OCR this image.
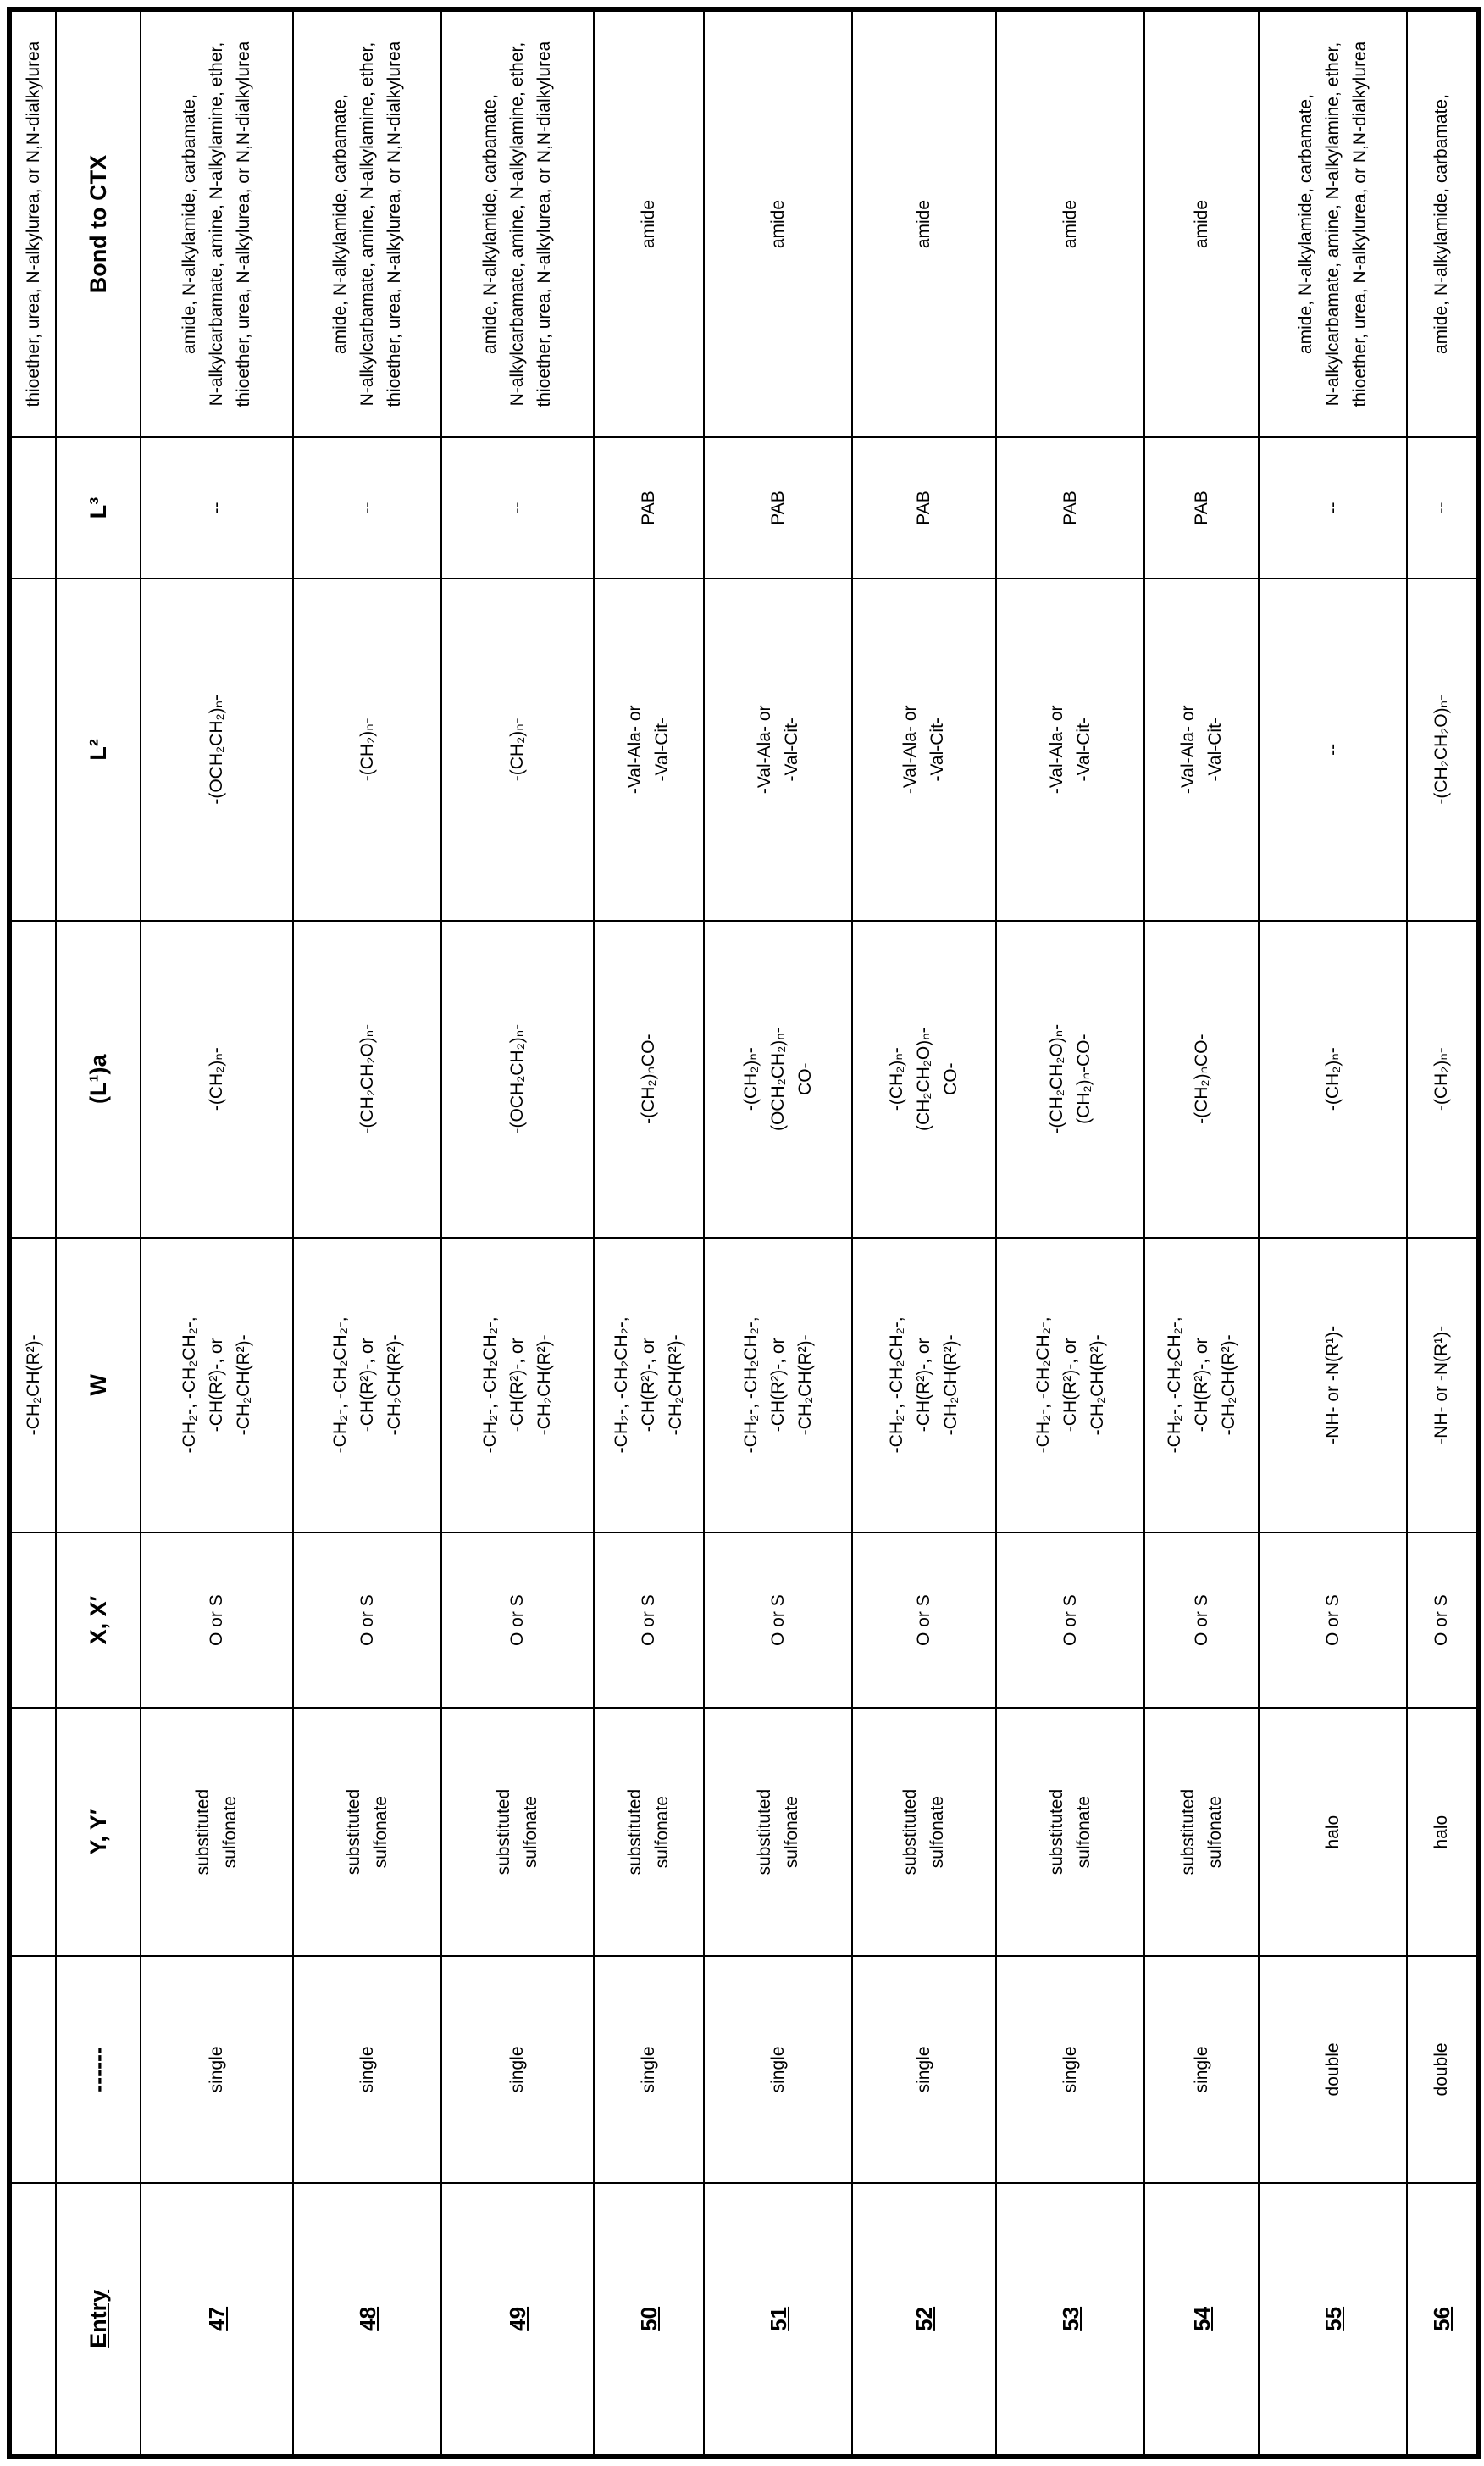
				-CH₂CH(R²)-				thioether, urea, N-alkylurea, or N,N-dialkylurea
Entry	------	Y, Y′	X, X′	W	(L¹)a	L²	L³	Bond to CTX
47	single	substituted
sulfonate	O or S	-CH₂-, -CH₂CH₂-,
-CH(R²)-, or
-CH₂CH(R²)-	-(CH₂)ₙ-	-(OCH₂CH₂)ₙ-	--	amide, N-alkylamide, carbamate,
N-alkylcarbamate, amine, N-alkylamine, ether,
thioether, urea, N-alkylurea, or N,N-dialkylurea
48	single	substituted
sulfonate	O or S	-CH₂-, -CH₂CH₂-,
-CH(R²)-, or
-CH₂CH(R²)-	-(CH₂CH₂O)ₙ-	-(CH₂)ₙ-	--	amide, N-alkylamide, carbamate,
N-alkylcarbamate, amine, N-alkylamine, ether,
thioether, urea, N-alkylurea, or N,N-dialkylurea
49	single	substituted
sulfonate	O or S	-CH₂-, -CH₂CH₂-,
-CH(R²)-, or
-CH₂CH(R²)-	-(OCH₂CH₂)ₙ-	-(CH₂)ₙ-	--	amide, N-alkylamide, carbamate,
N-alkylcarbamate, amine, N-alkylamine, ether,
thioether, urea, N-alkylurea, or N,N-dialkylurea
50	single	substituted
sulfonate	O or S	-CH₂-, -CH₂CH₂-,
-CH(R²)-, or
-CH₂CH(R²)-	-(CH₂)ₙCO-	-Val-Ala- or
-Val-Cit-	PAB	amide
51	single	substituted
sulfonate	O or S	-CH₂-, -CH₂CH₂-,
-CH(R²)-, or
-CH₂CH(R²)-	-(CH₂)ₙ-
(OCH₂CH₂)ₙ-
CO-	-Val-Ala- or
-Val-Cit-	PAB	amide
52	single	substituted
sulfonate	O or S	-CH₂-, -CH₂CH₂-,
-CH(R²)-, or
-CH₂CH(R²)-	-(CH₂)ₙ-
(CH₂CH₂O)ₙ-
CO-	-Val-Ala- or
-Val-Cit-	PAB	amide
53	single	substituted
sulfonate	O or S	-CH₂-, -CH₂CH₂-,
-CH(R²)-, or
-CH₂CH(R²)-	-(CH₂CH₂O)ₙ-
(CH₂)ₙ-CO-	-Val-Ala- or
-Val-Cit-	PAB	amide
54	single	substituted
sulfonate	O or S	-CH₂-, -CH₂CH₂-,
-CH(R²)-, or
-CH₂CH(R²)-	-(CH₂)ₙCO-	-Val-Ala- or
-Val-Cit-	PAB	amide
55	double	halo	O or S	-NH- or -N(R¹)-	-(CH₂)ₙ-	--	--	amide, N-alkylamide, carbamate,
N-alkylcarbamate, amine, N-alkylamine, ether,
thioether, urea, N-alkylurea, or N,N-dialkylurea
56	double	halo	O or S	-NH- or -N(R¹)-	-(CH₂)ₙ-	-(CH₂CH₂O)ₙ-	--	amide, N-alkylamide, carbamate,
